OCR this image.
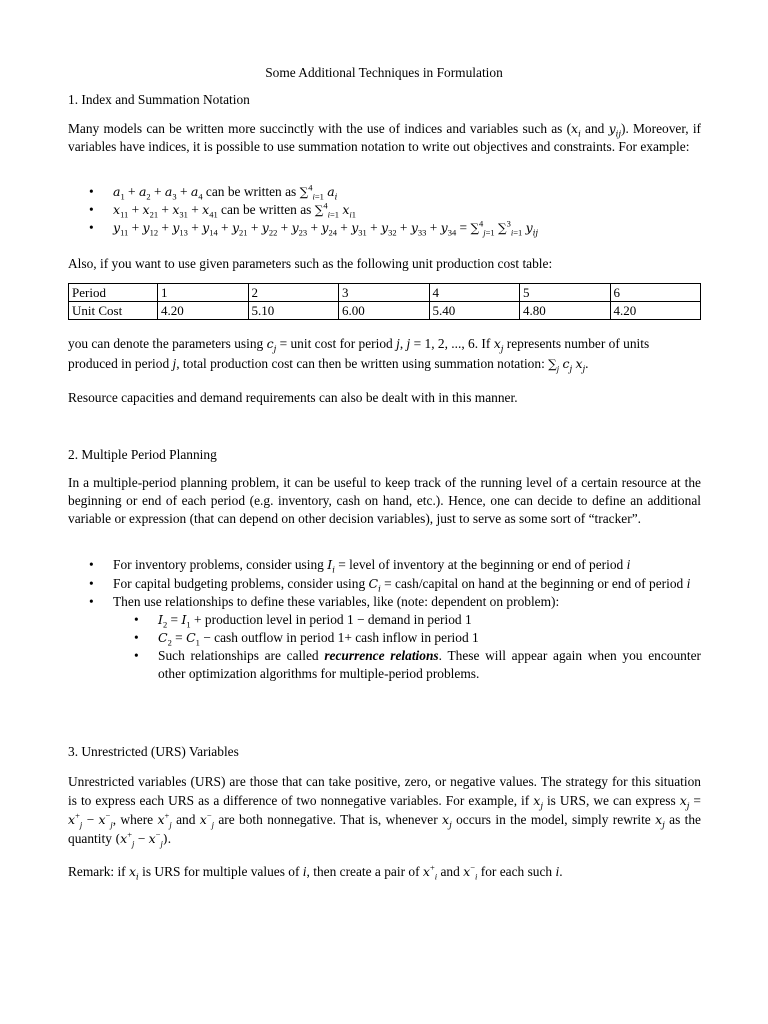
Some Additional Techniques in Formulation
1. Index and Summation Notation
Many models can be written more succinctly with the use of indices and variables such as ($x_i$ and $y_{ij}$). Moreover, if variables have indices, it is possible to use summation notation to write out objectives and constraints. For example:
• $a_1 + a_2 + a_3 + a_4$ can be written as ∑$^4_{i=1}$ $a_i$
• $x_{11} + x_{21} + x_{31} + x_{41}$ can be written as ∑$^4_{i=1}$ $x_{i1}$
• $y_{11} + y_{12} + y_{13} + y_{14} + y_{21} + y_{22} + y_{23} + y_{24} + y_{31} + y_{32} + y_{33} + y_{34} = \sum^4_{j=1}$ ∑$^3_{i=1}$ $y_{ij}$
Also, if you want to use given parameters such as the following unit production cost table:
Period	1	2	3	4	5	6
Unit Cost	4.20	5.10	6.00	5.40	4.80	4.20
you can denote the parameters using $c_j$ = unit cost for period j, j = 1, 2, ..., 6. If $x_j$ represents number of units produced in period j, total production cost can then be written using summation notation: $\sum_j$ $c_j$ $x_j$.
Resource capacities and demand requirements can also be dealt with in this manner.
2. Multiple Period Planning
In a multiple-period planning problem, it can be useful to keep track of the running level of a certain resource at the beginning or end of each period (e.g. inventory, cash on hand, etc.). Hence, one can decide to define an additional variable or expression (that can depend on other decision variables), just to serve as some sort of “tracker”.
• For inventory problems, consider using $I_i$ = level of inventory at the beginning or end of period i
• For capital budgeting problems, consider using $C_i$ = cash/capital on hand at the beginning or end of period i
• Then use relationships to define these variables, like (note: dependent on problem):
• $I_2 = I_1$ + production level in period 1 − demand in period 1
• $C_2 = C_1$ − cash outflow in period 1+ cash inflow in period 1
• Such relationships are called recurrence relations. These will appear again when you encounter other optimization algorithms for multiple-period problems.
3. Unrestricted (URS) Variables
Unrestricted variables (URS) are those that can take positive, zero, or negative values. The strategy for this situation is to express each URS as a difference of two nonnegative variables. For example, if $x_j$ is URS, we can express $x_j = x^+_j - x^-_j$, where $x^+_j$ and $x^-_j$ are both nonnegative. That is, whenever $x_j$ occurs in the model, simply rewrite $x_j$ as the quantity $(x^+_j - x^-_j)$.
Remark: if $x_i$ is URS for multiple values of i, then create a pair of $x^+_i$ and $x^-_i$ for each such i.
